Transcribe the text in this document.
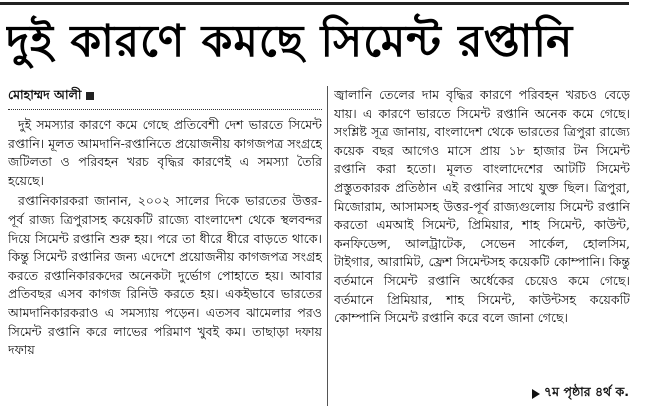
দুই কারণে কমছে সিমেন্ট রপ্তানি
মোহাম্মদ আলী

দুই সমস্যার কারণে কমে গেছে প্রতিবেশী দেশ ভারতে সিমেন্ট রপ্তানি। মূলত আমদানি-রপ্তানিতে প্রয়োজনীয় কাগজপত্র সংগ্রহে জটিলতা ও পরিবহন খরচ বৃদ্ধির কারণেই এ সমস্যা তৈরি হয়েছে।

রপ্তানিকারকরা জানান, ২০০২ সালের দিকে ভারতের উত্তর-পূর্ব রাজ্য ত্রিপুরাসহ কয়েকটি রাজ্যে বাংলাদেশ থেকে স্থলবন্দর দিয়ে সিমেন্ট রপ্তানি শুরু হয়। পরে তা ধীরে ধীরে বাড়তে থাকে। কিন্তু সিমেন্ট রপ্তানির জন্য এদেশে প্রয়োজনীয় কাগজপত্র সংগ্রহ করতে রপ্তানিকারকদের অনেকটা দুর্ভোগ পোহাতে হয়। আবার প্রতিবছর এসব কাগজ রিনিউ করতে হয়। একইভাবে ভারতের আমদানিকারকরাও এ সমস্যায় পড়েন। এতসব ঝামেলার পরও সিমেন্ট রপ্তানি করে লাভের পরিমাণ খুবই কম। তাছাড়া দফায় দফায়

জ্বালানি তেলের দাম বৃদ্ধির কারণে পরিবহন খরচও বেড়ে যায়। এ কারণে ভারতে সিমেন্ট রপ্তানি অনেক কমে গেছে। সংশ্লিষ্ট সূত্র জানায়, বাংলাদেশ থেকে ভারতের ত্রিপুরা রাজ্যে কয়েক বছর আগেও মাসে প্রায় ১৮ হাজার টন সিমেন্ট রপ্তানি করা হতো। মূলত বাংলাদেশের আটটি সিমেন্ট প্রস্তুতকারক প্রতিষ্ঠান এই রপ্তানির সাথে যুক্ত ছিল। ত্রিপুরা, মিজোরাম, আসামসহ উত্তর-পূর্ব রাজ্যগুলোয় সিমেন্ট রপ্তানি করতো এমআই সিমেন্ট, প্রিমিয়ার, শাহ সিমেন্ট, কাউন্ট, কনফিডেন্স, আলট্রাটেক, সেভেন সার্কেল, হোলসিম, টাইগার, আরামিট, ফ্রেশ সিমেন্টসহ কয়েকটি কোম্পানি। কিন্তু বর্তমানে সিমেন্ট রপ্তানি অর্ধেকের চেয়েও কমে গেছে। বর্তমানে প্রিমিয়ার, শাহ সিমেন্ট, কাউন্টসহ কয়েকটি কোম্পানি সিমেন্ট রপ্তানি করে বলে জানা গেছে।

৭ম পৃষ্ঠার ৪র্থ ক.
